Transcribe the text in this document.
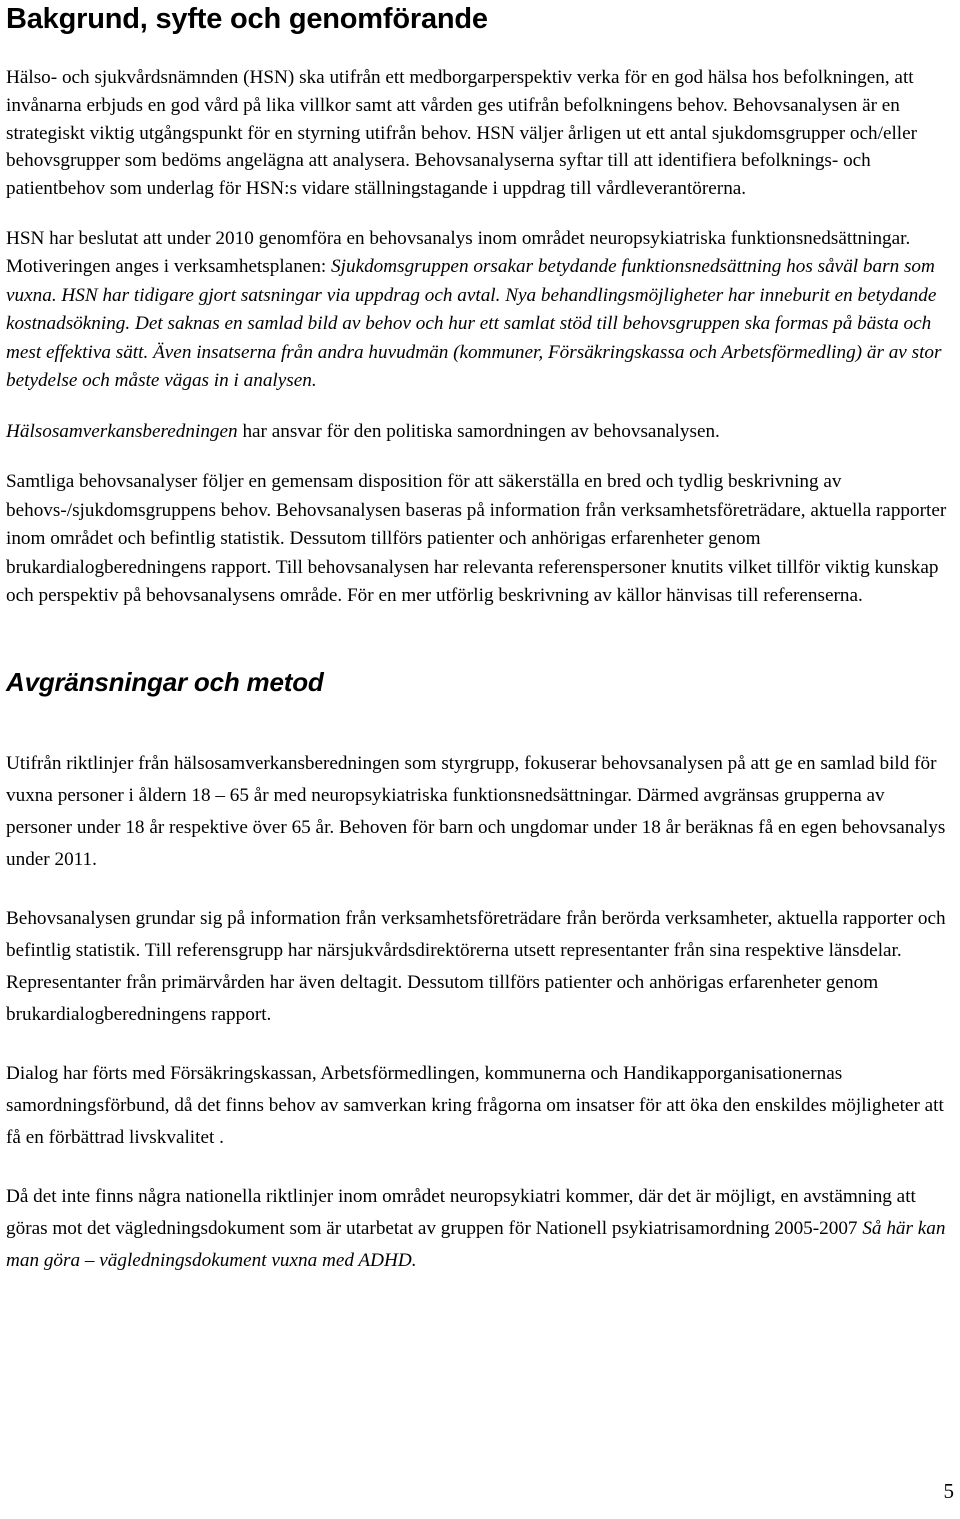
Bakgrund, syfte och genomförande

Hälso- och sjukvårdsnämnden (HSN) ska utifrån ett medborgarperspektiv verka för en god hälsa hos befolkningen, att invånarna erbjuds en god vård på lika villkor samt att vården ges utifrån befolkningens behov. Behovsanalysen är en strategiskt viktig utgångspunkt för en styrning utifrån behov. HSN väljer årligen ut ett antal sjukdomsgrupper och/eller behovsgrupper som bedöms angelägna att analysera. Behovsanalyserna syftar till att identifiera befolknings- och patientbehov som underlag för HSN:s vidare ställningstagande i uppdrag till vårdleverantörerna.

HSN har beslutat att under 2010 genomföra en behovsanalys inom området neuropsykiatriska funktionsnedsättningar. Motiveringen anges i verksamhetsplanen: Sjukdomsgruppen orsakar betydande funktionsnedsättning hos såväl barn som vuxna. HSN har tidigare gjort satsningar via uppdrag och avtal. Nya behandlingsmöjligheter har inneburit en betydande kostnadsökning. Det saknas en samlad bild av behov och hur ett samlat stöd till behovsgruppen ska formas på bästa och mest effektiva sätt. Även insatserna från andra huvudmän (kommuner, Försäkringskassa och Arbetsförmedling) är av stor betydelse och måste vägas in i analysen.

Hälsosamverkansberedningen har ansvar för den politiska samordningen av behovsanalysen.

Samtliga behovsanalyser följer en gemensam disposition för att säkerställa en bred och tydlig beskrivning av behovs-/sjukdomsgruppens behov. Behovsanalysen baseras på information från verksamhetsföreträdare, aktuella rapporter inom området och befintlig statistik. Dessutom tillförs patienter och anhörigas erfarenheter genom brukardialogberedningens rapport. Till behovsanalysen har relevanta referenspersoner knutits vilket tillför viktig kunskap och perspektiv på behovsanalysens område. För en mer utförlig beskrivning av källor hänvisas till referenserna.

Avgränsningar och metod

Utifrån riktlinjer från hälsosamverkansberedningen som styrgrupp, fokuserar behovsanalysen på att ge en samlad bild för vuxna personer i åldern 18 – 65 år med neuropsykiatriska funktionsnedsättningar. Därmed avgränsas grupperna av personer under 18 år respektive över 65 år. Behoven för barn och ungdomar under 18 år beräknas få en egen behovsanalys under 2011.

Behovsanalysen grundar sig på information från verksamhetsföreträdare från berörda verksamheter, aktuella rapporter och befintlig statistik. Till referensgrupp har närsjukvårdsdirektörerna utsett representanter från sina respektive länsdelar. Representanter från primärvården har även deltagit. Dessutom tillförs patienter och anhörigas erfarenheter genom brukardialogberedningens rapport.

Dialog har förts med Försäkringskassan, Arbetsförmedlingen, kommunerna och Handikapporganisationernas samordningsförbund, då det finns behov av samverkan kring frågorna om insatser för att öka den enskildes möjligheter att få en förbättrad livskvalitet .

Då det inte finns några nationella riktlinjer inom området neuropsykiatri kommer, där det är möjligt, en avstämning att göras mot det vägledningsdokument som är utarbetat av gruppen för Nationell psykiatrisamordning 2005-2007 Så här kan man göra – vägledningsdokument vuxna med ADHD.

5
